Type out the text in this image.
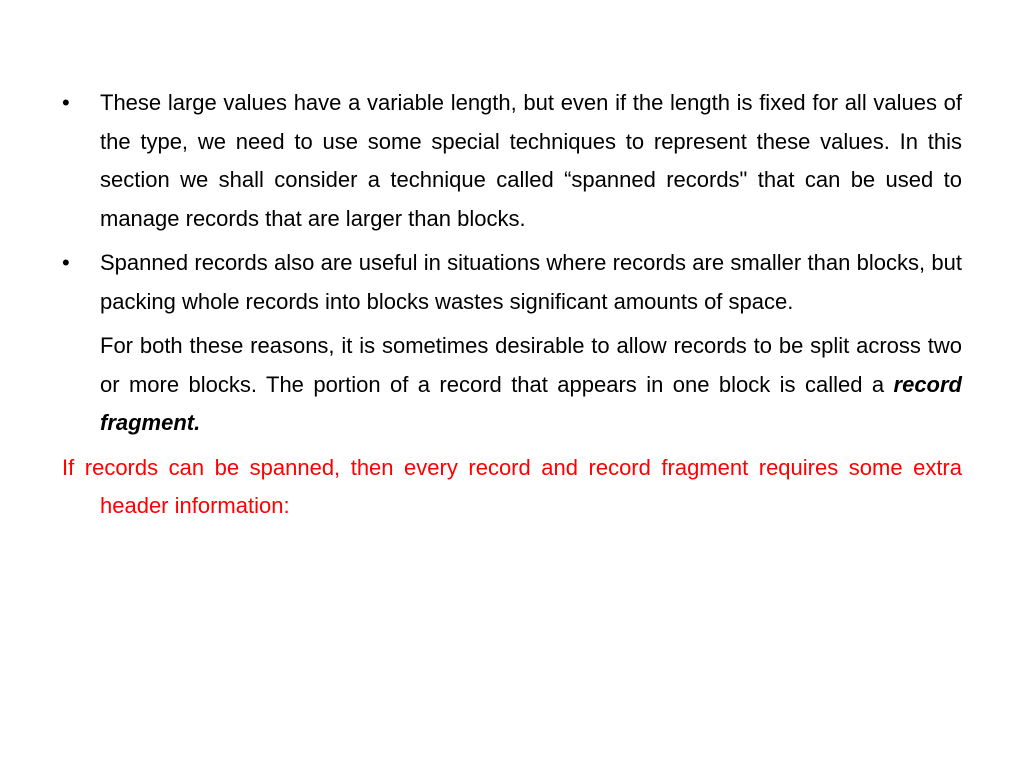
•	These large values have a variable length, but even if the length is fixed for all values of the type, we need to use some special techniques to represent these values. In this section we shall consider a technique called “spanned records" that can be used to manage records that are larger than blocks.
•	Spanned records also are useful in situations where records are smaller than blocks, but packing whole records into blocks wastes significant amounts of space.

For both these reasons, it is sometimes desirable to allow records to be split across two or more blocks. The portion of a record that appears in one block is called a record fragment.

If records can be spanned, then every record and record fragment requires some extra header information:
